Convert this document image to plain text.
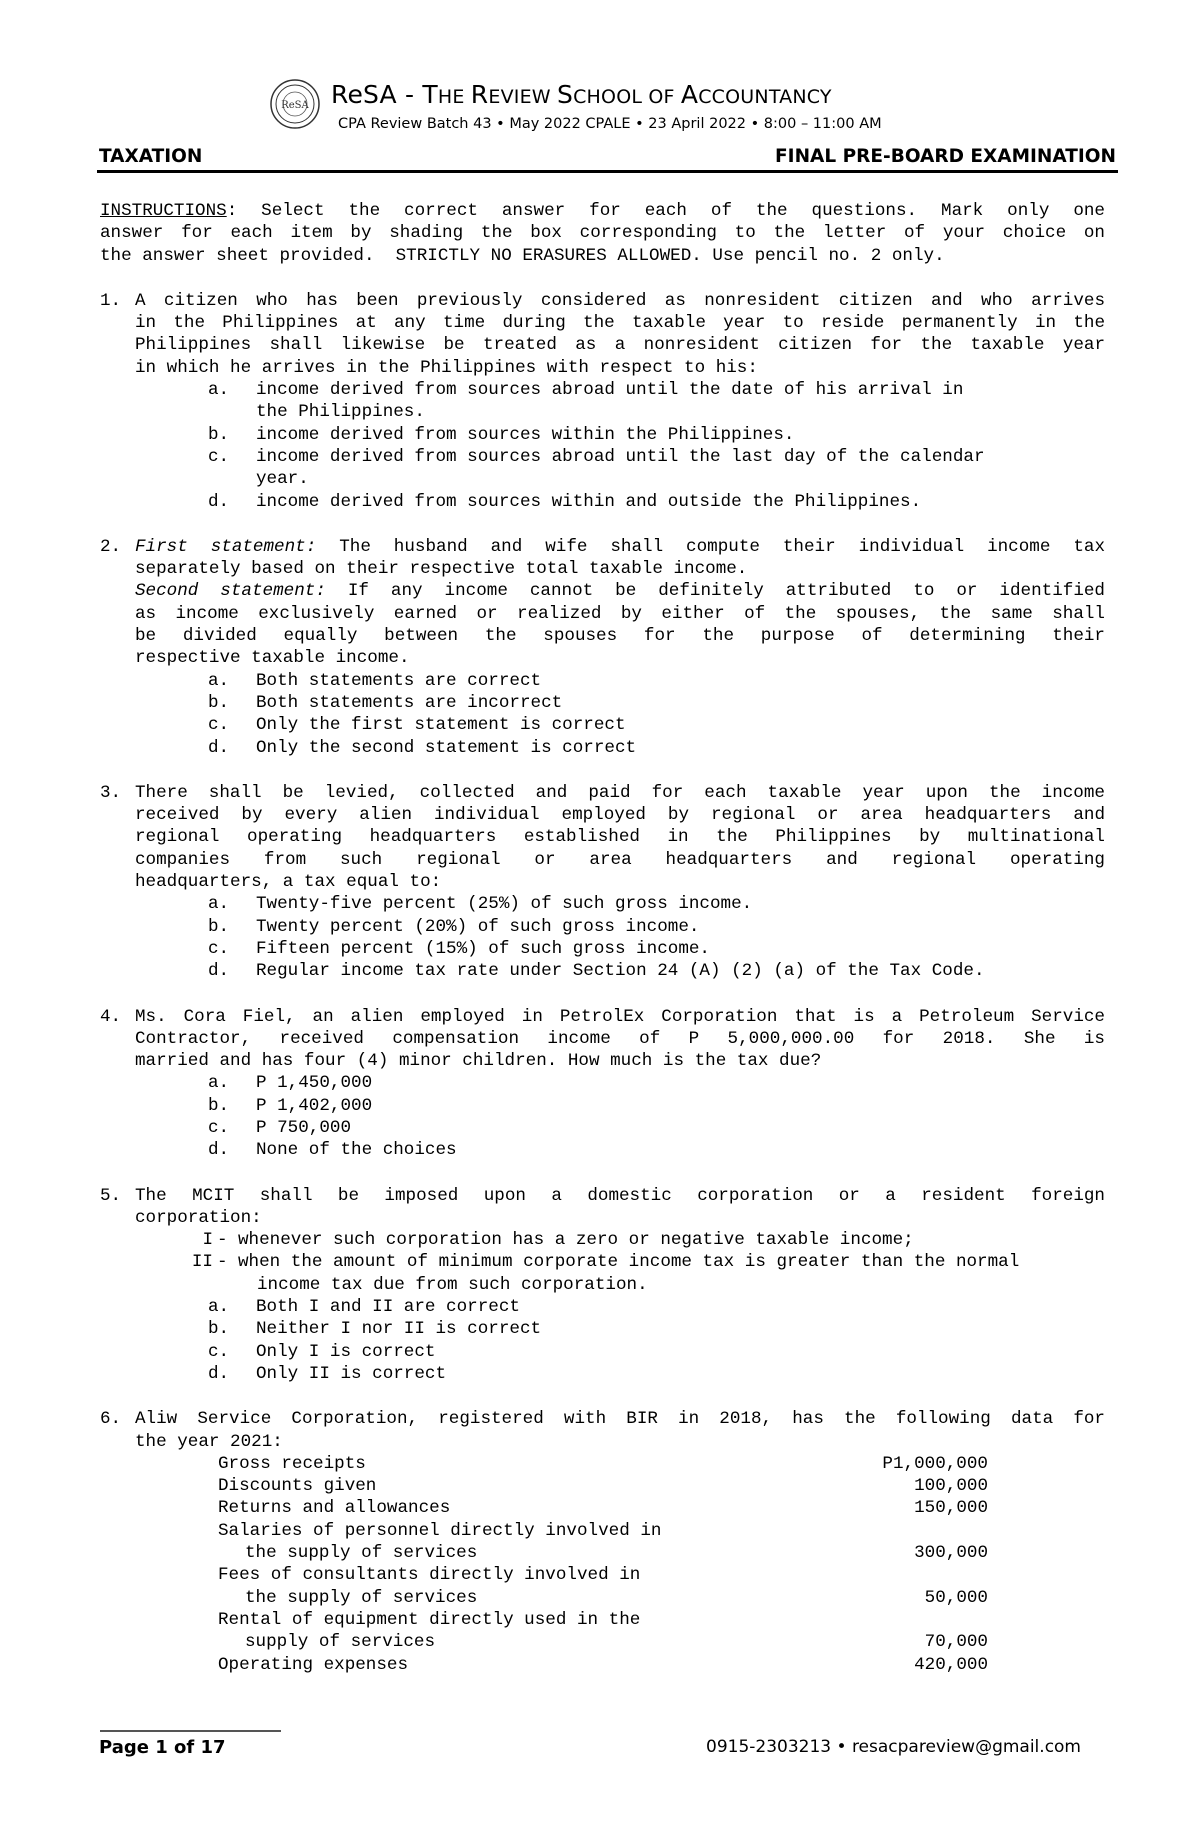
ReSA ReSA - THE REVIEW SCHOOL OF ACCOUNTANCY
CPA Review Batch 43 • May 2022 CPALE • 23 April 2022 • 8:00 – 11:00 AM
TAXATION	FINAL PRE-BOARD EXAMINATION
INSTRUCTIONS: Select the correct answer for each of the questions. Mark only one
answer for each item by shading the box corresponding to the letter of your choice on
the answer sheet provided.  STRICTLY NO ERASURES ALLOWED. Use pencil no. 2 only.
1. A citizen who has been previously considered as nonresident citizen and who arrives
in the Philippines at any time during the taxable year to reside permanently in the
Philippines shall likewise be treated as a nonresident citizen for the taxable year
in which he arrives in the Philippines with respect to his:
a. income derived from sources abroad until the date of his arrival in
the Philippines.
b. income derived from sources within the Philippines.
c. income derived from sources abroad until the last day of the calendar
year.
d. income derived from sources within and outside the Philippines.
2. First statement: The husband and wife shall compute their individual income tax
separately based on their respective total taxable income.
Second statement: If any income cannot be definitely attributed to or identified
as income exclusively earned or realized by either of the spouses, the same shall
be divided equally between the spouses for the purpose of determining their
respective taxable income.
a. Both statements are correct
b. Both statements are incorrect
c. Only the first statement is correct
d. Only the second statement is correct
3. There shall be levied, collected and paid for each taxable year upon the income
received by every alien individual employed by regional or area headquarters and
regional operating headquarters established in the Philippines by multinational
companies from such regional or area headquarters and regional operating
headquarters, a tax equal to:
a. Twenty-five percent (25%) of such gross income.
b. Twenty percent (20%) of such gross income.
c. Fifteen percent (15%) of such gross income.
d. Regular income tax rate under Section 24 (A) (2) (a) of the Tax Code.
4. Ms. Cora Fiel, an alien employed in PetrolEx Corporation that is a Petroleum Service
Contractor, received compensation income of P 5,000,000.00 for 2018. She is
married and has four (4) minor children. How much is the tax due?
a. P 1,450,000
b. P 1,402,000
c. P 750,000
d. None of the choices
5. The MCIT shall be imposed upon a domestic corporation or a resident foreign
corporation:
I - whenever such corporation has a zero or negative taxable income;
II - when the amount of minimum corporate income tax is greater than the normal
income tax due from such corporation.
a. Both I and II are correct
b. Neither I nor II is correct
c. Only I is correct
d. Only II is correct
6. Aliw Service Corporation, registered with BIR in 2018, has the following data for
the year 2021:
Gross receipts	P1,000,000
Discounts given	100,000
Returns and allowances	150,000
Salaries of personnel directly involved in
the supply of services	300,000
Fees of consultants directly involved in
the supply of services	50,000
Rental of equipment directly used in the
supply of services	70,000
Operating expenses	420,000
Page 1 of 17	0915-2303213 • resacpareview@gmail.com
